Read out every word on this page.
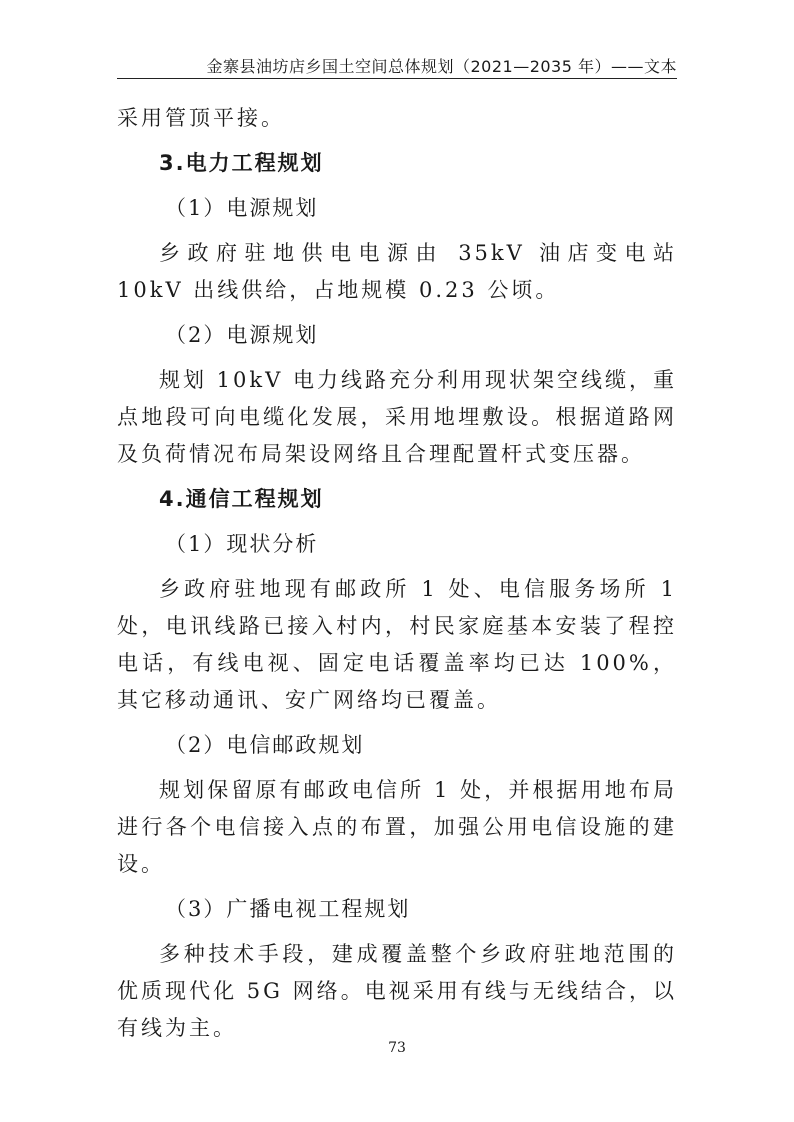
金寨县油坊店乡国土空间总体规划（2021—2035 年）——文本

采用管顶平接。

3.电力工程规划
（1）电源规划

乡政府驻地供电电源由 35kV 油店变电站 10kV 出线供给，占地规模 0.23 公顷。

（2）电源规划

规划 10kV 电力线路充分利用现状架空线缆，重点地段可向电缆化发展，采用地埋敷设。根据道路网及负荷情况布局架设网络且合理配置杆式变压器。

4.通信工程规划
（1）现状分析

乡政府驻地现有邮政所 1 处、电信服务场所 1 处，电讯线路已接入村内，村民家庭基本安装了程控电话，有线电视、固定电话覆盖率均已达 100%，其它移动通讯、安广网络均已覆盖。

（2）电信邮政规划

规划保留原有邮政电信所 1 处，并根据用地布局进行各个电信接入点的布置，加强公用电信设施的建设。

（3）广播电视工程规划

多种技术手段，建成覆盖整个乡政府驻地范围的优质现代化 5G 网络。电视采用有线与无线结合，以有线为主。

73
